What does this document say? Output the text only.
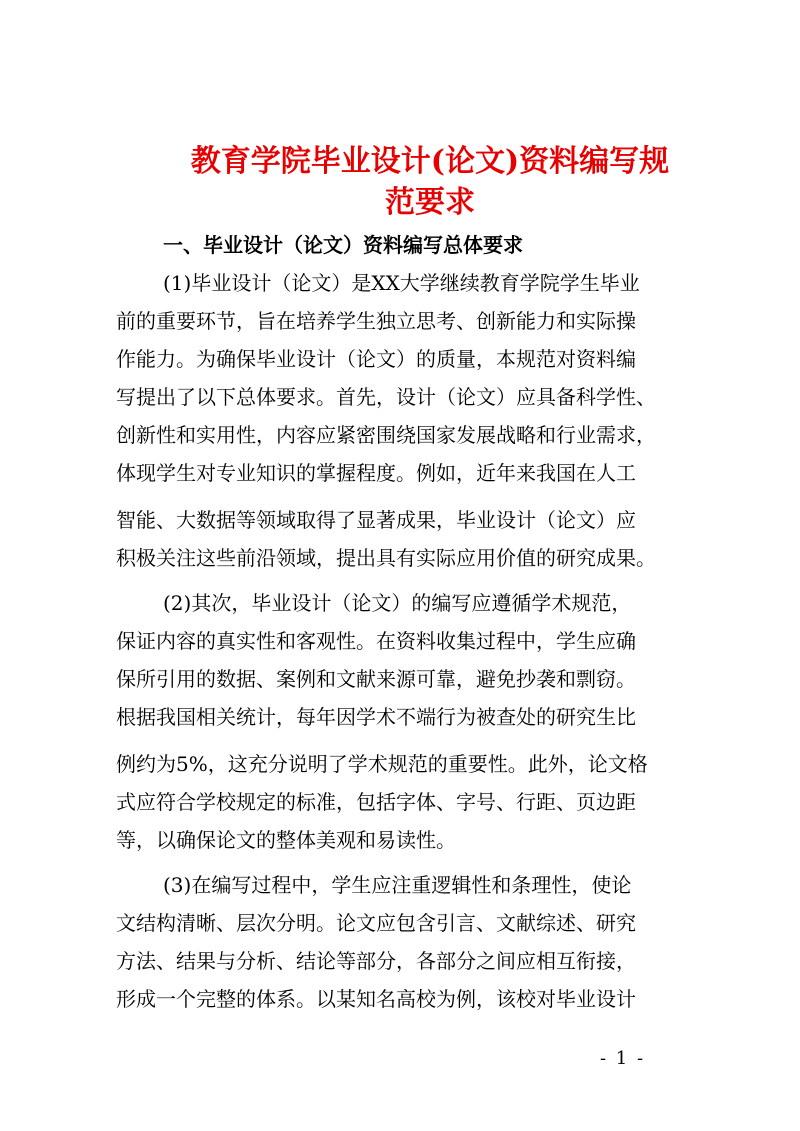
教育学院毕业设计(论文)资料编写规
范要求
一、毕业设计（论文）资料编写总体要求
(1)毕业设计（论文）是XX大学继续教育学院学生毕业
前的重要环节，旨在培养学生独立思考、创新能力和实际操
作能力。为确保毕业设计（论文）的质量，本规范对资料编
写提出了以下总体要求。首先，设计（论文）应具备科学性、
创新性和实用性，内容应紧密围绕国家发展战略和行业需求，
体现学生对专业知识的掌握程度。例如，近年来我国在人工
智能、大数据等领域取得了显著成果，毕业设计（论文）应
积极关注这些前沿领域，提出具有实际应用价值的研究成果。
(2)其次，毕业设计（论文）的编写应遵循学术规范，
保证内容的真实性和客观性。在资料收集过程中，学生应确
保所引用的数据、案例和文献来源可靠，避免抄袭和剽窃。
根据我国相关统计，每年因学术不端行为被查处的研究生比
例约为5%，这充分说明了学术规范的重要性。此外，论文格
式应符合学校规定的标准，包括字体、字号、行距、页边距
等，以确保论文的整体美观和易读性。
(3)在编写过程中，学生应注重逻辑性和条理性，使论
文结构清晰、层次分明。论文应包含引言、文献综述、研究
方法、结果与分析、结论等部分，各部分之间应相互衔接，
形成一个完整的体系。以某知名高校为例，该校对毕业设计
- 1 -
